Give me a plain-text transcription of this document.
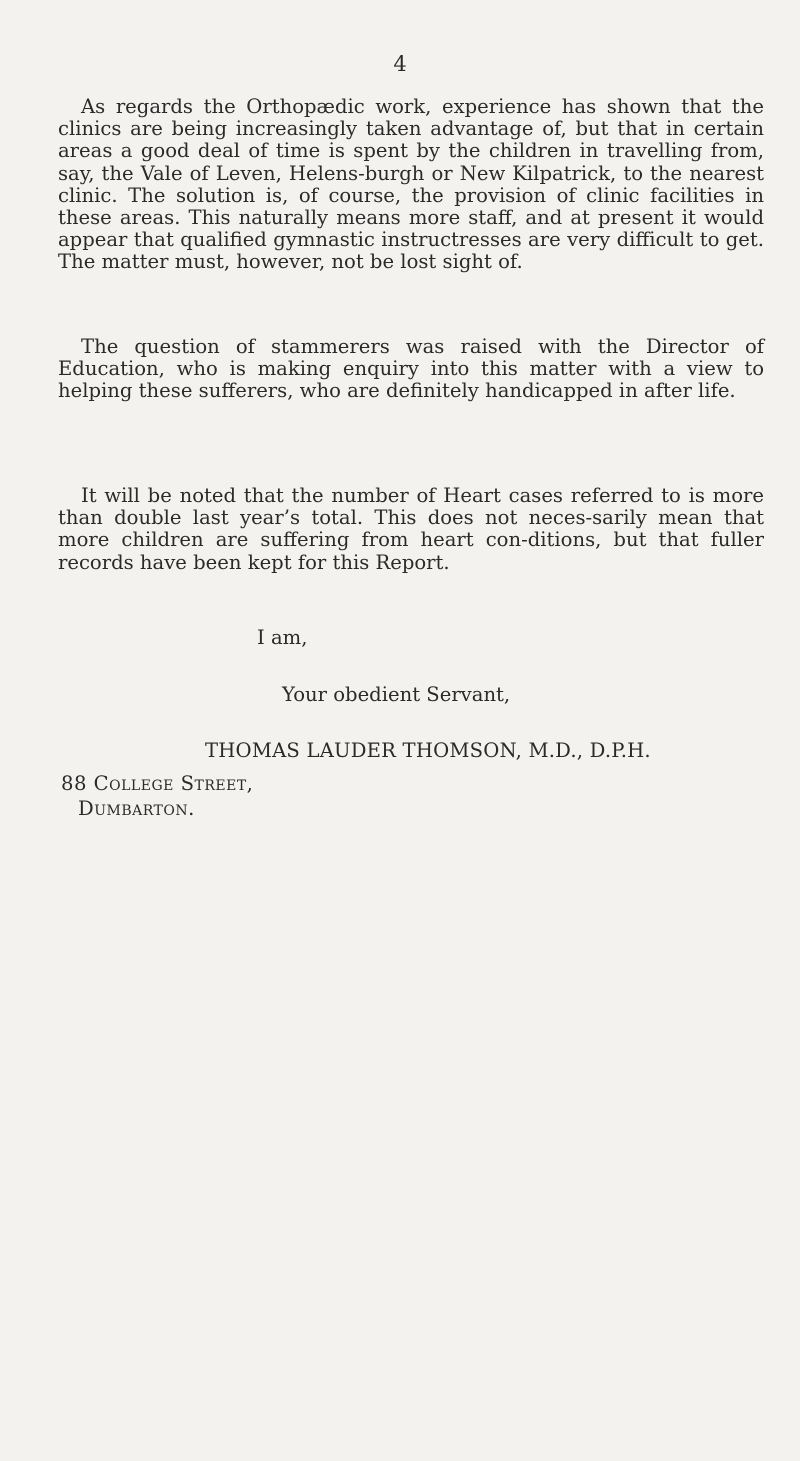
4

As regards the Orthopædic work, experience has shown that the clinics are being increasingly taken advantage of, but that in certain areas a good deal of time is spent by the children in travelling from, say, the Vale of Leven, Helens-burgh or New Kilpatrick, to the nearest clinic. The solution is, of course, the provision of clinic facilities in these areas. This naturally means more staff, and at present it would appear that qualified gymnastic instructresses are very difficult to get. The matter must, however, not be lost sight of.

The question of stammerers was raised with the Director of Education, who is making enquiry into this matter with a view to helping these sufferers, who are definitely handicapped in after life.

It will be noted that the number of Heart cases referred to is more than double last year’s total. This does not neces-sarily mean that more children are suffering from heart con-ditions, but that fuller records have been kept for this Report.

I am,

Your obedient Servant,

THOMAS LAUDER THOMSON, M.D., D.P.H.

88 College Street,

Dumbarton.
